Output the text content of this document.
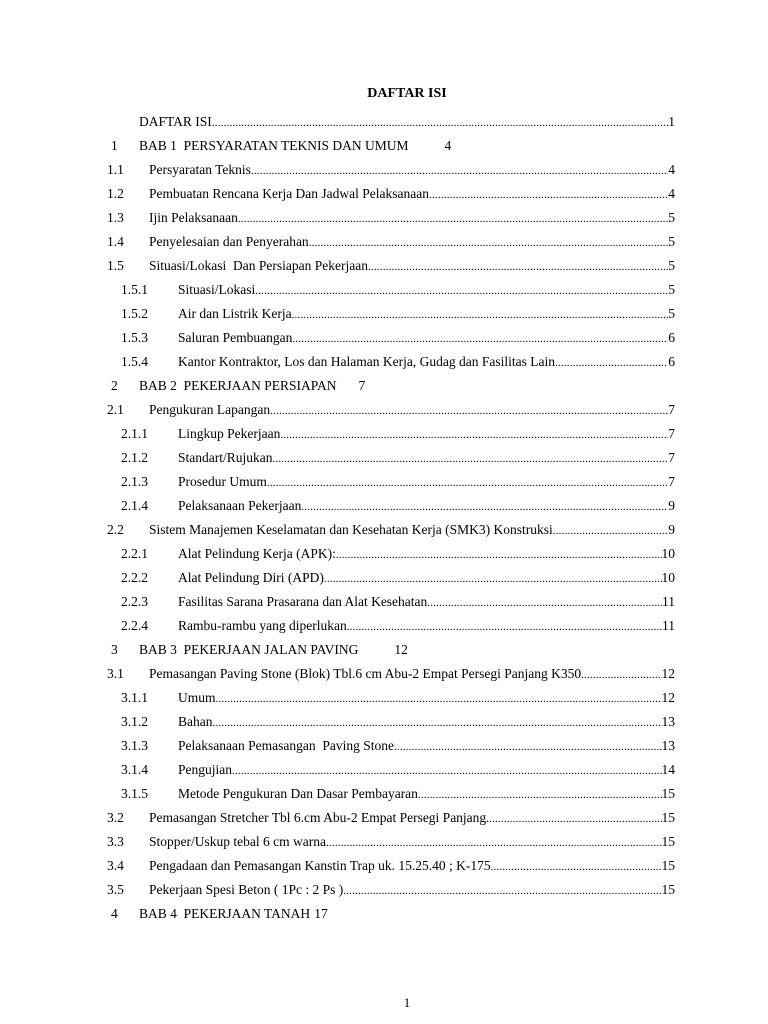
DAFTAR ISI
DAFTAR ISI .....	1
1 BAB 1  PERSYARATAN TEKNIS DAN UMUM	4
1.1 Persyaratan Teknis .....	4
1.2 Pembuatan Rencana Kerja Dan Jadwal Pelaksanaan .....	4
1.3 Ijin Pelaksanaan .....	5
1.4 Penyelesaian dan Penyerahan .....	5
1.5 Situasi/Lokasi  Dan Persiapan Pekerjaan .....	5
1.5.1 Situasi/Lokasi .....	5
1.5.2 Air dan Listrik Kerja .....	5
1.5.3 Saluran Pembuangan .....	6
1.5.4 Kantor Kontraktor, Los dan Halaman Kerja, Gudag dan Fasilitas Lain .....	6
2 BAB 2  PEKERJAAN PERSIAPAN 7
2.1 Pengukuran Lapangan .....	7
2.1.1 Lingkup Pekerjaan .....	7
2.1.2 Standart/Rujukan .....	7
2.1.3 Prosedur Umum .....	7
2.1.4 Pelaksanaan Pekerjaan .....	9
2.2 Sistem Manajemen Keselamatan dan Kesehatan Kerja (SMK3) Konstruksi .....	9
2.2.1 Alat Pelindung Kerja (APK): .....	10
2.2.2 Alat Pelindung Diri (APD) .....	10
2.2.3 Fasilitas Sarana Prasarana dan Alat Kesehatan .....	11
2.2.4 Rambu-rambu yang diperlukan .....	11
3 BAB 3  PEKERJAAN JALAN PAVING	12
3.1 Pemasangan Paving Stone (Blok) Tbl.6 cm Abu-2 Empat Persegi Panjang K350 .....	12
3.1.1 Umum .....	12
3.1.2 Bahan .....	13
3.1.3 Pelaksanaan Pemasangan  Paving Stone .....	13
3.1.4 Pengujian .....	14
3.1.5 Metode Pengukuran Dan Dasar Pembayaran .....	15
3.2 Pemasangan Stretcher Tbl 6.cm Abu-2 Empat Persegi Panjang .....	15
3.3 Stopper/Uskup tebal 6 cm warna .....	15
3.4 Pengadaan dan Pemasangan Kanstin Trap uk. 15.25.40 ; K-175 .....	15
3.5 Pekerjaan Spesi Beton ( 1Pc : 2 Ps ) .....	15
4 BAB 4  PEKERJAAN TANAH 17
1
